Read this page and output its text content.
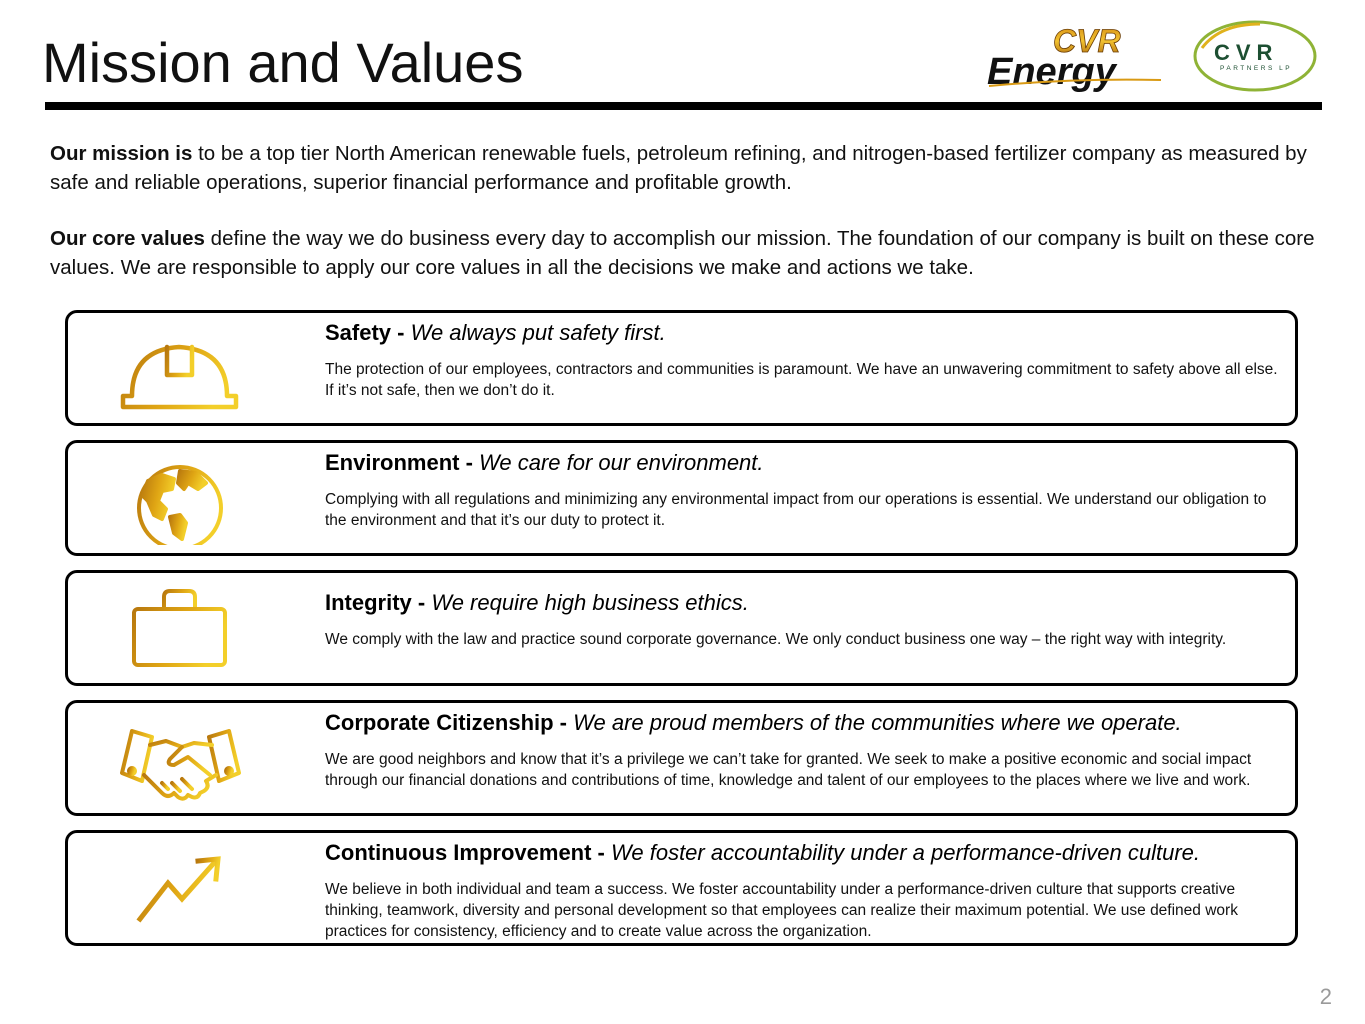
Mission and Values	CVR
Energy	CVR
PARTNERS LP

Our mission is to be a top tier North American renewable fuels, petroleum refining, and nitrogen-based fertilizer company as measured by safe and reliable operations, superior financial performance and profitable growth.

Our core values define the way we do business every day to accomplish our mission. The foundation of our company is built on these core values. We are responsible to apply our core values in all the decisions we make and actions we take.

Safety - We always put safety first.
The protection of our employees, contractors and communities is paramount. We have an unwavering commitment to safety above all else. If it’s not safe, then we don’t do it.
Environment - We care for our environment.
Complying with all regulations and minimizing any environmental impact from our operations is essential. We understand our obligation to the environment and that it’s our duty to protect it.
Integrity - We require high business ethics.
We comply with the law and practice sound corporate governance. We only conduct business one way – the right way with integrity.
Corporate Citizenship - We are proud members of the communities where we operate.
We are good neighbors and know that it’s a privilege we can’t take for granted. We seek to make a positive economic and social impact through our financial donations and contributions of time, knowledge and talent of our employees to the places where we live and work.
Continuous Improvement - We foster accountability under a performance-driven culture.
We believe in both individual and team a success. We foster accountability under a performance-driven culture that supports creative thinking, teamwork, diversity and personal development so that employees can realize their maximum potential. We use defined work practices for consistency, efficiency and to create value across the organization.
2
